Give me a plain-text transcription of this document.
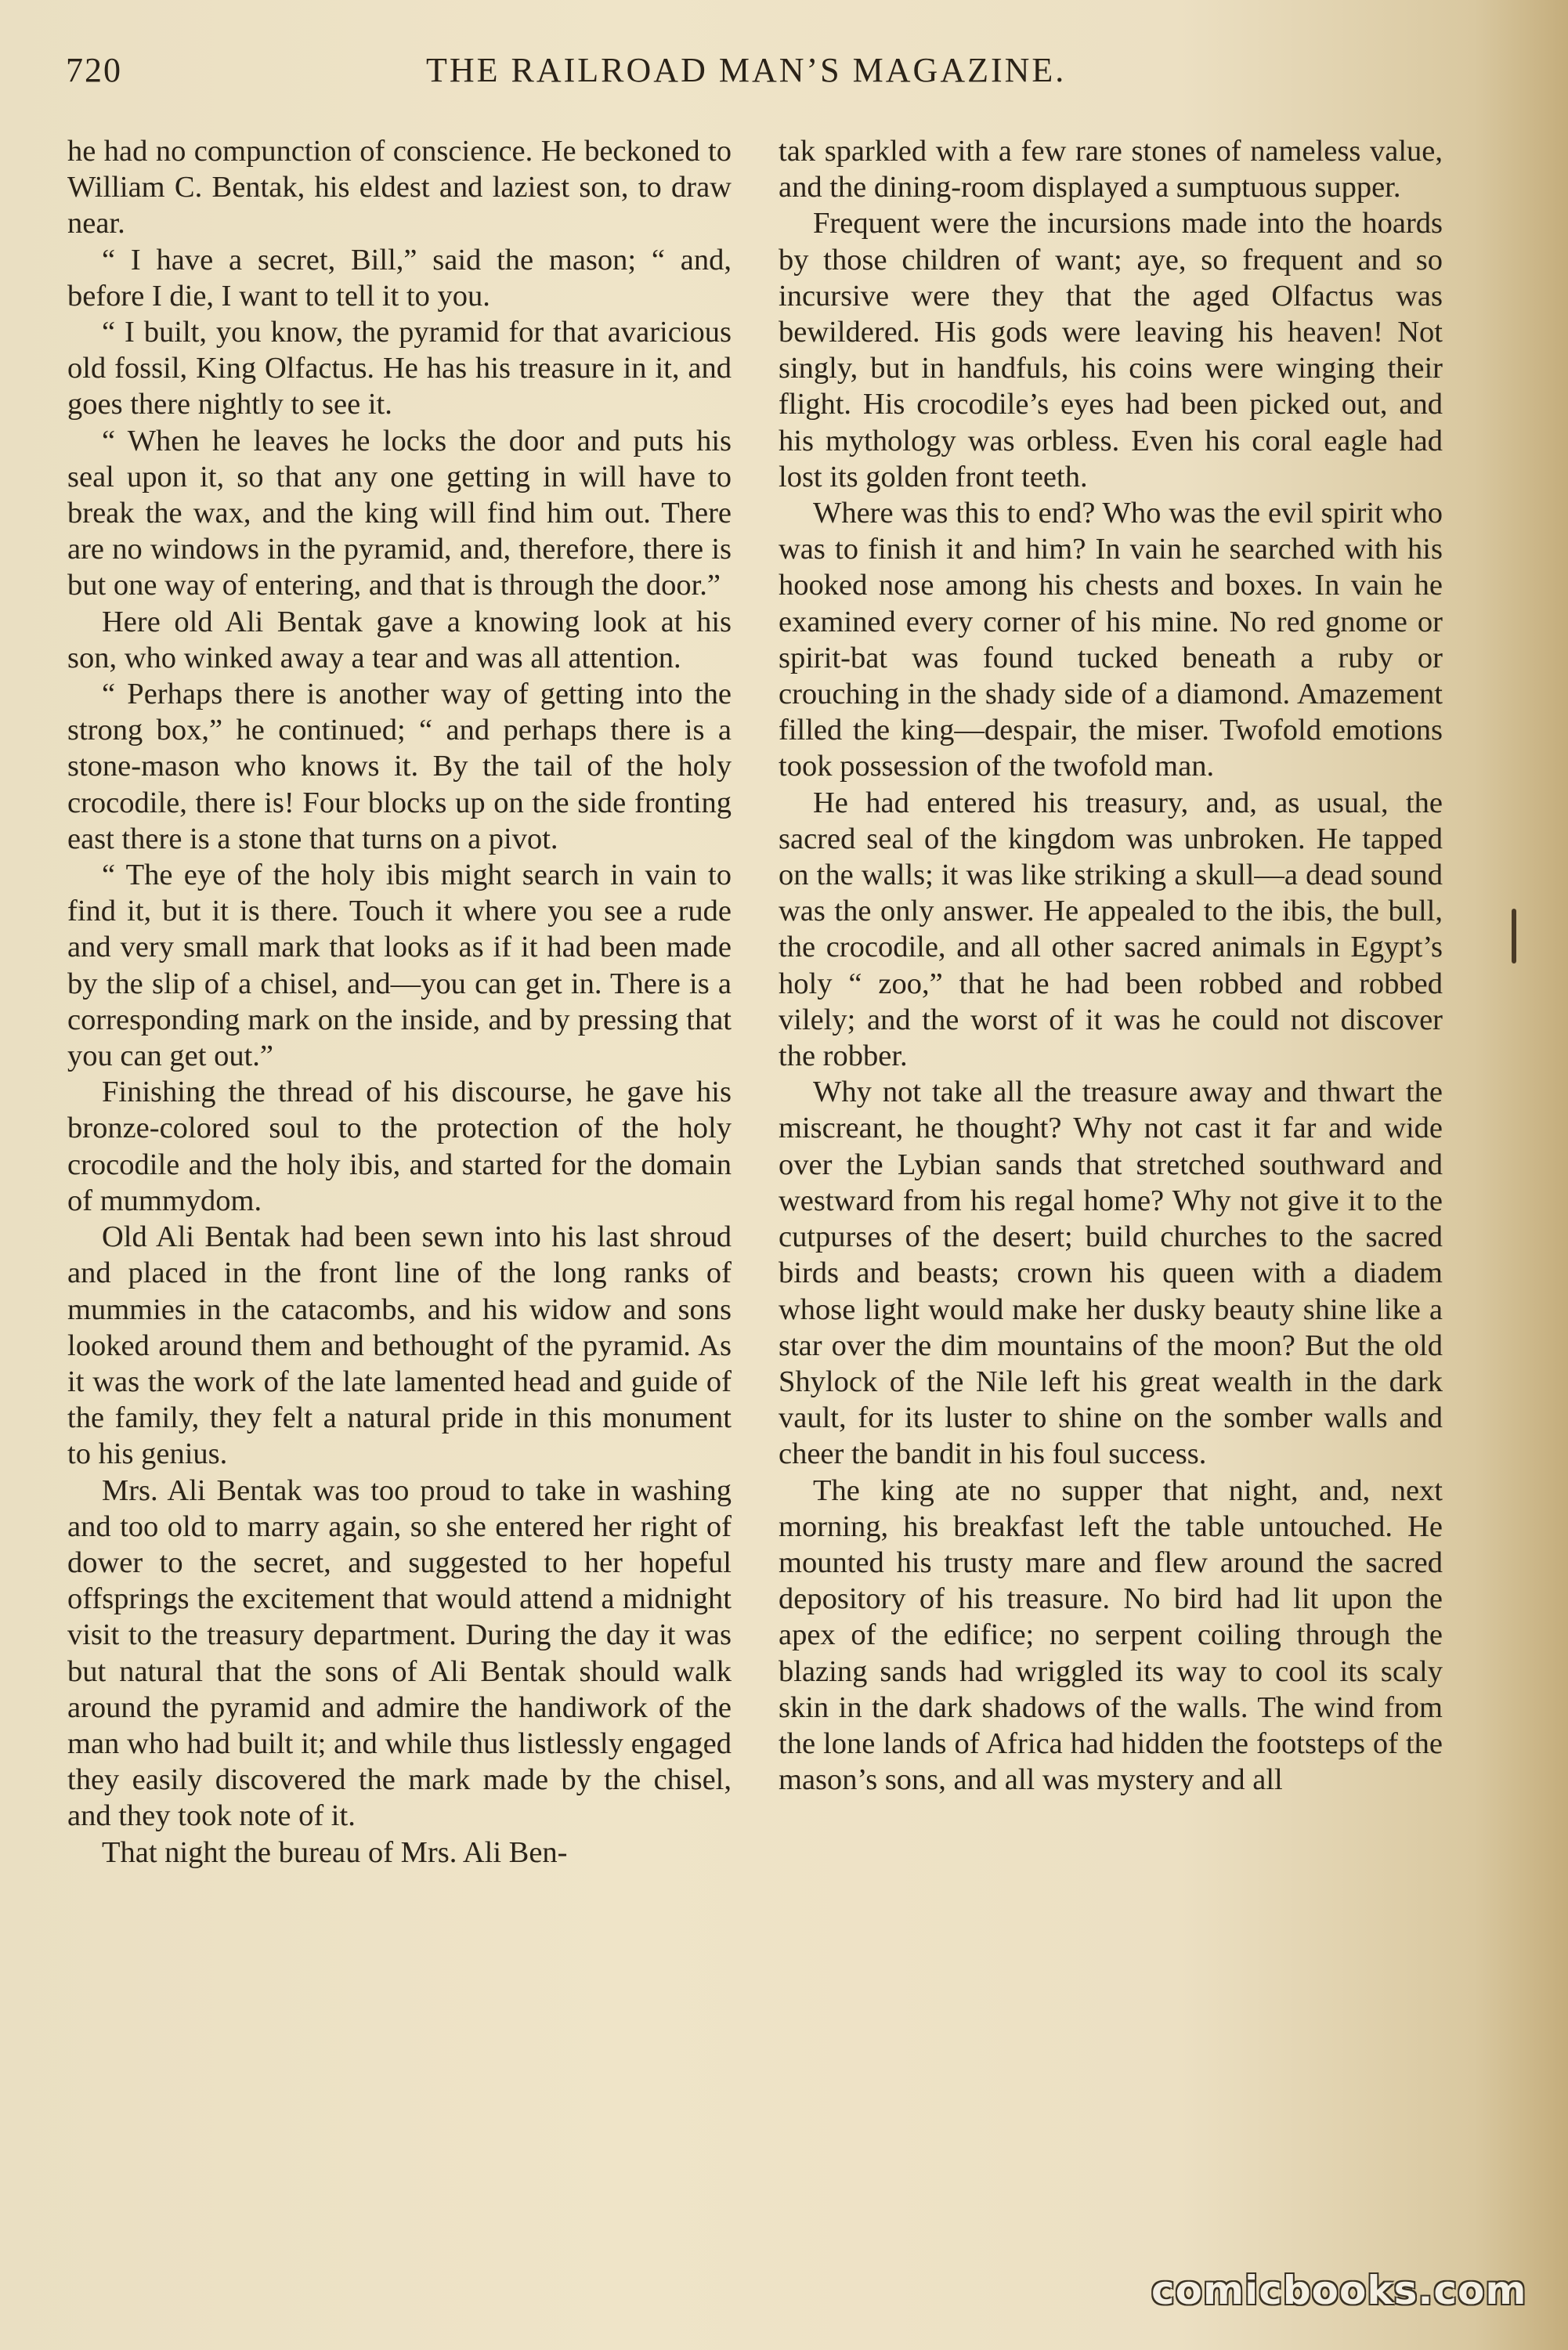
720	THE RAILROAD MAN’S MAGAZINE.

he had no compunction of conscience. He beckoned to William C. Bentak, his eldest and laziest son, to draw near.

“ I have a secret, Bill,” said the mason; “ and, before I die, I want to tell it to you.

“ I built, you know, the pyramid for that avaricious old fossil, King Olfactus. He has his treasure in it, and goes there nightly to see it.

“ When he leaves he locks the door and puts his seal upon it, so that any one getting in will have to break the wax, and the king will find him out. There are no windows in the pyramid, and, therefore, there is but one way of entering, and that is through the door.”

Here old Ali Bentak gave a knowing look at his son, who winked away a tear and was all attention.

“ Perhaps there is another way of getting into the strong box,” he continued; “ and perhaps there is a stone-mason who knows it. By the tail of the holy crocodile, there is! Four blocks up on the side fronting east there is a stone that turns on a pivot.

“ The eye of the holy ibis might search in vain to find it, but it is there. Touch it where you see a rude and very small mark that looks as if it had been made by the slip of a chisel, and—you can get in. There is a corresponding mark on the inside, and by pressing that you can get out.”

Finishing the thread of his discourse, he gave his bronze-colored soul to the protection of the holy crocodile and the holy ibis, and started for the domain of mummydom.

Old Ali Bentak had been sewn into his last shroud and placed in the front line of the long ranks of mummies in the catacombs, and his widow and sons looked around them and bethought of the pyramid. As it was the work of the late lamented head and guide of the family, they felt a natural pride in this monument to his genius.

Mrs. Ali Bentak was too proud to take in washing and too old to marry again, so she entered her right of dower to the secret, and suggested to her hopeful offsprings the excitement that would attend a midnight visit to the treasury department. During the day it was but natural that the sons of Ali Bentak should walk around the pyramid and admire the handiwork of the man who had built it; and while thus listlessly engaged they easily discovered the mark made by the chisel, and they took note of it.

That night the bureau of Mrs. Ali Ben-

tak sparkled with a few rare stones of nameless value, and the dining-room displayed a sumptuous supper.

Frequent were the incursions made into the hoards by those children of want; aye, so frequent and so incursive were they that the aged Olfactus was bewildered. His gods were leaving his heaven! Not singly, but in handfuls, his coins were winging their flight. His crocodile’s eyes had been picked out, and his mythology was orbless. Even his coral eagle had lost its golden front teeth.

Where was this to end? Who was the evil spirit who was to finish it and him? In vain he searched with his hooked nose among his chests and boxes. In vain he examined every corner of his mine. No red gnome or spirit-bat was found tucked beneath a ruby or crouching in the shady side of a diamond. Amazement filled the king—despair, the miser. Twofold emotions took possession of the twofold man.

He had entered his treasury, and, as usual, the sacred seal of the kingdom was unbroken. He tapped on the walls; it was like striking a skull—a dead sound was the only answer. He appealed to the ibis, the bull, the crocodile, and all other sacred animals in Egypt’s holy “ zoo,” that he had been robbed and robbed vilely; and the worst of it was he could not discover the robber.

Why not take all the treasure away and thwart the miscreant, he thought? Why not cast it far and wide over the Lybian sands that stretched southward and westward from his regal home? Why not give it to the cutpurses of the desert; build churches to the sacred birds and beasts; crown his queen with a diadem whose light would make her dusky beauty shine like a star over the dim mountains of the moon? But the old Shylock of the Nile left his great wealth in the dark vault, for its luster to shine on the somber walls and cheer the bandit in his foul success.

The king ate no supper that night, and, next morning, his breakfast left the table untouched. He mounted his trusty mare and flew around the sacred depository of his treasure. No bird had lit upon the apex of the edifice; no serpent coiling through the blazing sands had wriggled its way to cool its scaly skin in the dark shadows of the walls. The wind from the lone lands of Africa had hidden the footsteps of the mason’s sons, and all was mystery and all

comicbooks.com
